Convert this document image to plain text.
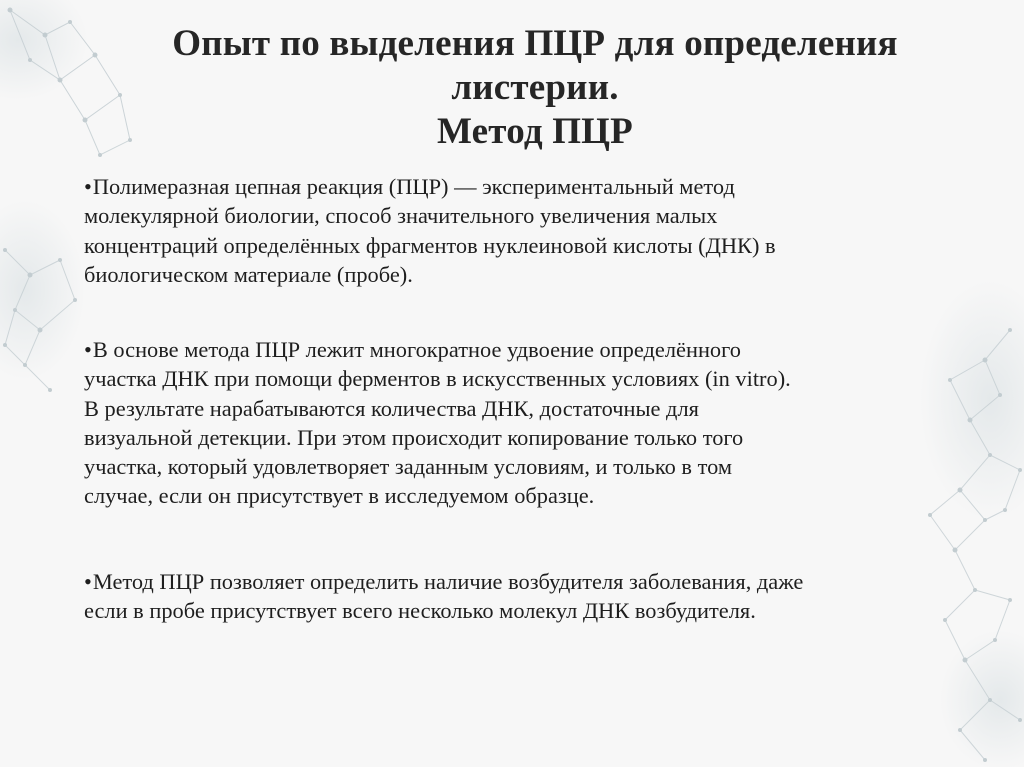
Опыт по выделения ПЦР для определения
листерии.
Метод ПЦР
•Полимеразная цепная реакция (ПЦР) — экспериментальный метод
молекулярной биологии, способ значительного увеличения малых
концентраций определённых фрагментов нуклеиновой кислоты (ДНК) в
биологическом материале (пробе).
•В основе метода ПЦР лежит многократное удвоение определённого
участка ДНК при помощи ферментов в искусственных условиях (in vitro).
В результате нарабатываются количества ДНК, достаточные для
визуальной детекции. При этом происходит копирование только того
участка, который удовлетворяет заданным условиям, и только в том
случае, если он присутствует в исследуемом образце.
•Метод ПЦР позволяет определить наличие возбудителя заболевания, даже
если в пробе присутствует всего несколько молекул ДНК возбудителя.
